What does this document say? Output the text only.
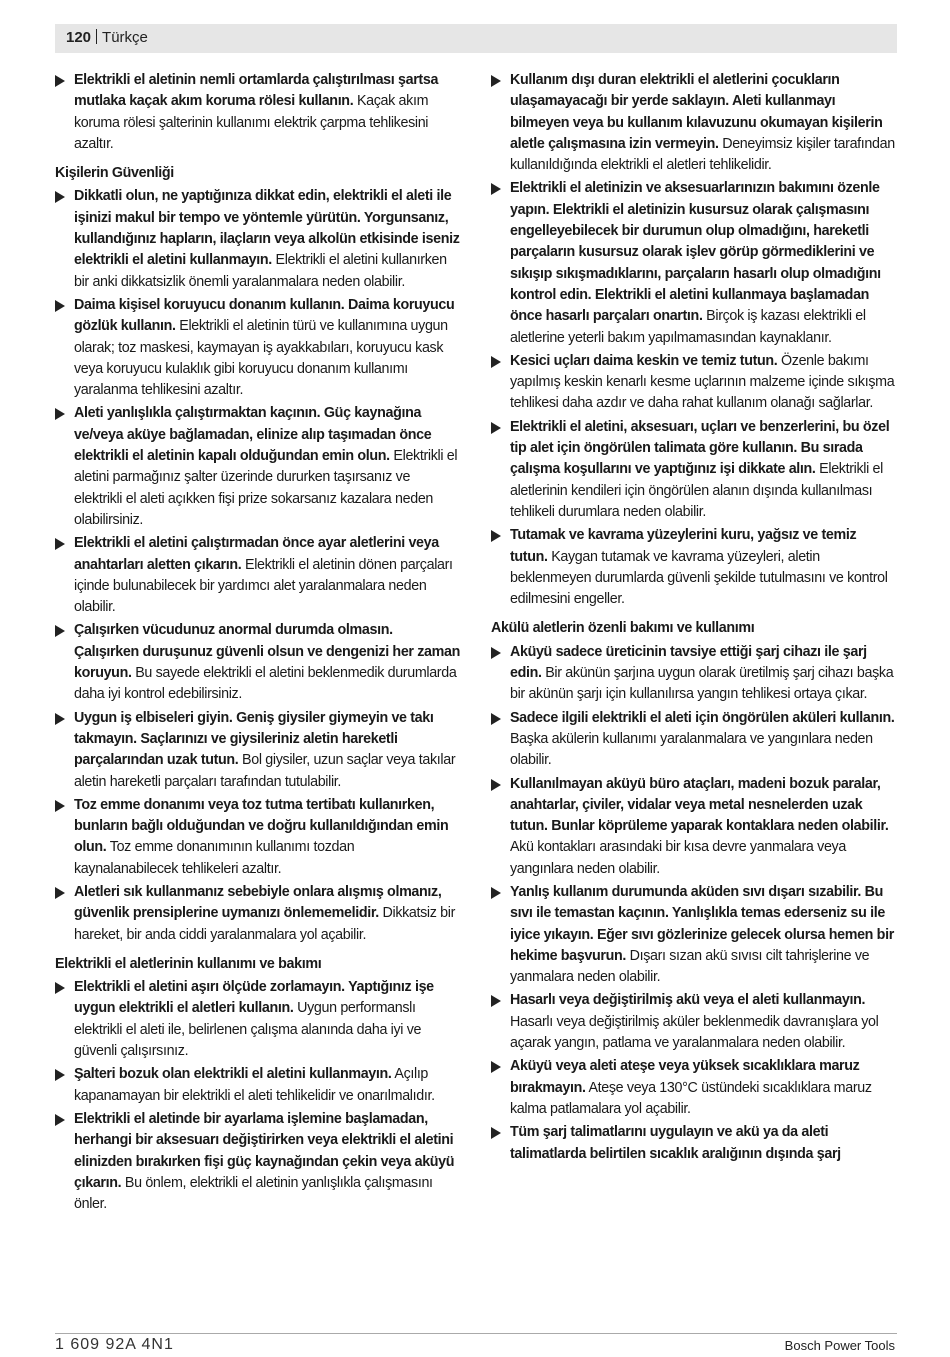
120 Türkçe
Elektrikli el aletinin nemli ortamlarda çalıştırılması şartsa mutlaka kaçak akım koruma rölesi kullanın. Kaçak akım koruma rölesi şalterinin kullanımı elektrik çarpma tehlikesini azaltır.
Kişilerin Güvenliği
Dikkatli olun, ne yaptığınıza dikkat edin, elektrikli el aleti ile işinizi makul bir tempo ve yöntemle yürütün. Yorgunsanız, kullandığınız hapların, ilaçların veya alkolün etkisinde iseniz elektrikli el aletini kullanmayın. Elektrikli el aletini kullanırken bir anki dikkatsizlik önemli yaralanmalara neden olabilir.
Daima kişisel koruyucu donanım kullanın. Daima koruyucu gözlük kullanın. Elektrikli el aletinin türü ve kullanımına uygun olarak; toz maskesi, kaymayan iş ayakkabıları, koruyucu kask veya koruyucu kulaklık gibi koruyucu donanım kullanımı yaralanma tehlikesini azaltır.
Aleti yanlışlıkla çalıştırmaktan kaçının. Güç kaynağına ve/veya aküye bağlamadan, elinize alıp taşımadan önce elektrikli el aletinin kapalı olduğundan emin olun. Elektrikli el aletini parmağınız şalter üzerinde dururken taşırsanız ve elektrikli el aleti açıkken fişi prize sokarsanız kazalara neden olabilirsiniz.
Elektrikli el aletini çalıştırmadan önce ayar aletlerini veya anahtarları aletten çıkarın. Elektrikli el aletinin dönen parçaları içinde bulunabilecek bir yardımcı alet yaralanmalara neden olabilir.
Çalışırken vücudunuz anormal durumda olmasın. Çalışırken duruşunuz güvenli olsun ve dengenizi her zaman koruyun. Bu sayede elektrikli el aletini beklenmedik durumlarda daha iyi kontrol edebilirsiniz.
Uygun iş elbiseleri giyin. Geniş giysiler giymeyin ve takı takmayın. Saçlarınızı ve giysileriniz aletin hareketli parçalarından uzak tutun. Bol giysiler, uzun saçlar veya takılar aletin hareketli parçaları tarafından tutulabilir.
Toz emme donanımı veya toz tutma tertibatı kullanırken, bunların bağlı olduğundan ve doğru kullanıldığından emin olun. Toz emme donanımının kullanımı tozdan kaynalanabilecek tehlikeleri azaltır.
Aletleri sık kullanmanız sebebiyle onlara alışmış olmanız, güvenlik prensiplerine uymanızı önlememelidir. Dikkatsiz bir hareket, bir anda ciddi yaralanmalara yol açabilir.
Elektrikli el aletlerinin kullanımı ve bakımı
Elektrikli el aletini aşırı ölçüde zorlamayın. Yaptığınız işe uygun elektrikli el aletleri kullanın. Uygun performanslı elektrikli el aleti ile, belirlenen çalışma alanında daha iyi ve güvenli çalışırsınız.
Şalteri bozuk olan elektrikli el aletini kullanmayın. Açılıp kapanamayan bir elektrikli el aleti tehlikelidir ve onarılmalıdır.
Elektrikli el aletinde bir ayarlama işlemine başlamadan, herhangi bir aksesuarı değiştirirken veya elektrikli el aletini elinizden bırakırken fişi güç kaynağından çekin veya aküyü çıkarın. Bu önlem, elektrikli el aletinin yanlışlıkla çalışmasını önler.
Kullanım dışı duran elektrikli el aletlerini çocukların ulaşamayacağı bir yerde saklayın. Aleti kullanmayı bilmeyen veya bu kullanım kılavuzunu okumayan kişilerin aletle çalışmasına izin vermeyin. Deneyimsiz kişiler tarafından kullanıldığında elektrikli el aletleri tehlikelidir.
Elektrikli el aletinizin ve aksesuarlarınızın bakımını özenle yapın. Elektrikli el aletinizin kusursuz olarak çalışmasını engelleyebilecek bir durumun olup olmadığını, hareketli parçaların kusursuz olarak işlev görüp görmediklerini ve sıkışıp sıkışmadıklarını, parçaların hasarlı olup olmadığını kontrol edin. Elektrikli el aletini kullanmaya başlamadan önce hasarlı parçaları onartın. Birçok iş kazası elektrikli el aletlerine yeterli bakım yapılmamasından kaynaklanır.
Kesici uçları daima keskin ve temiz tutun. Özenle bakımı yapılmış keskin kenarlı kesme uçlarının malzeme içinde sıkışma tehlikesi daha azdır ve daha rahat kullanım olanağı sağlarlar.
Elektrikli el aletini, aksesuarı, uçları ve benzerlerini, bu özel tip alet için öngörülen talimata göre kullanın. Bu sırada çalışma koşullarını ve yaptığınız işi dikkate alın. Elektrikli el aletlerinin kendileri için öngörülen alanın dışında kullanılması tehlikeli durumlara neden olabilir.
Tutamak ve kavrama yüzeylerini kuru, yağsız ve temiz tutun. Kaygan tutamak ve kavrama yüzeyleri, aletin beklenmeyen durumlarda güvenli şekilde tutulmasını ve kontrol edilmesini engeller.
Akülü aletlerin özenli bakımı ve kullanımı
Aküyü sadece üreticinin tavsiye ettiği şarj cihazı ile şarj edin. Bir akünün şarjına uygun olarak üretilmiş şarj cihazı başka bir akünün şarjı için kullanılırsa yangın tehlikesi ortaya çıkar.
Sadece ilgili elektrikli el aleti için öngörülen aküleri kullanın. Başka akülerin kullanımı yaralanmalara ve yangınlara neden olabilir.
Kullanılmayan aküyü büro ataçları, madeni bozuk paralar, anahtarlar, çiviler, vidalar veya metal nesnelerden uzak tutun. Bunlar köprüleme yaparak kontaklara neden olabilir. Akü kontakları arasındaki bir kısa devre yanmalara veya yangınlara neden olabilir.
Yanlış kullanım durumunda aküden sıvı dışarı sızabilir. Bu sıvı ile temastan kaçının. Yanlışlıkla temas ederseniz su ile iyice yıkayın. Eğer sıvı gözlerinize gelecek olursa hemen bir hekime başvurun. Dışarı sızan akü sıvısı cilt tahrişlerine ve yanmalara neden olabilir.
Hasarlı veya değiştirilmiş akü veya el aleti kullanmayın. Hasarlı veya değiştirilmiş aküler beklenmedik davranışlara yol açarak yangın, patlama ve yaralanmalara neden olabilir.
Aküyü veya aleti ateşe veya yüksek sıcaklıklara maruz bırakmayın. Ateşe veya 130°C üstündeki sıcaklıklara maruz kalma patlamalara yol açabilir.
Tüm şarj talimatlarını uygulayın ve akü ya da aleti talimatlarda belirtilen sıcaklık aralığının dışında şarj
1 609 92A 4N1	Bosch Power Tools
